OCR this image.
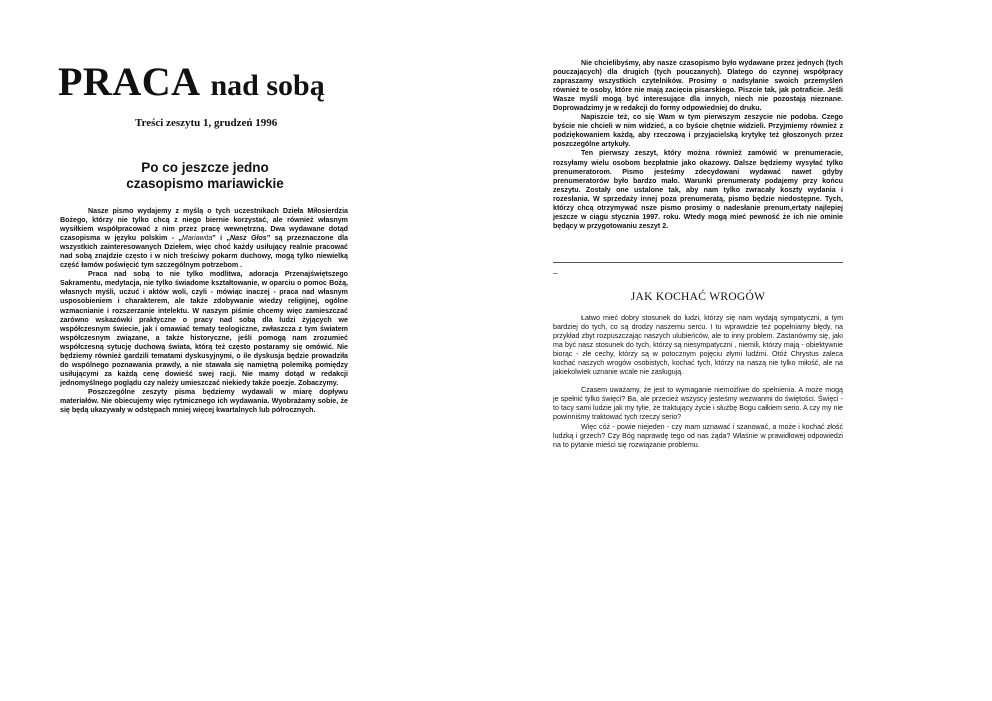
PRACA nad sobą
Treści zeszytu 1, grudzeń 1996
Po co jeszcze jedno
czasopismo mariawickie

Nasze pismo wydajemy z myślą o tych uczestnikach Dzieła Miłosierdzia Bożego, którzy nie tylko chcą z niego biernie korzystać, ale również własnym wysiłkiem współpracować z nim przez pracę wewnętrzną. Dwa wydawane dotąd czasopisma w języku polskim - „Mariawita” i „Nasz Głos” są przeznaczone dla wszystkich zainteresowanych Dziełem, więc choć każdy usiłujący realnie pracować nad sobą znajdzie często i w nich treściwy pokarm duchowy, mogą tylko niewielką część łamów poświęcić tym szczególnym potrzebom .

Praca nad sobą to nie tylko modlitwa, adoracja Przenajświętszego Sakramentu, medytacja, nie tylko świadome kształtowanie, w oparciu o pomoc Bożą, własnych myśli, uczuć i aktów woli, czyli - mówiąc inaczej - praca nad własnym usposobieniem i charakterem, ale także zdobywanie wiedzy religijnej, ogólne wzmacnianie i rozszerzanie intelektu. W naszym piśmie chcemy więc zamieszczać zarówno wskazówki praktyczne o pracy nad sobą dla ludzi żyjących we współczesnym świecie, jak i omawiać tematy teologiczne, zwłaszcza z tym światem współczesnym związane, a także historyczne, jeśli pomogą nam zrozumieć współczesną sytucję duchową świata, którą też często postaramy się omówić. Nie będziemy również gardzili tematami dyskusyjnymi, o ile dyskusja będzie prowadziła do wspólnego poznawania prawdy, a nie stawała się namiętną polemiką pomiędzy usiłującymi za każdą cenę dowieść swej racji. Nie mamy dotąd w redakcji jednomyślnego poglądu czy należy umieszczać niekiedy także poezje. Zobaczymy.

Poszczególne zeszyty pisma będziemy wydawali w miarę dopływu materiałów. Nie obiecujemy więc rytmicznego ich wydawania. Wyobrażamy sobie, że się będą ukazywały w odstępach mniej więcej kwartalnych lub półrocznych.

Nie chcielibyśmy, aby nasze czasopismo było wydawane przez jednych (tych pouczających) dla drugich (tych pouczanych). Dlatego do czynnej współpracy zapraszamy wszystkich czytelników. Prosimy o nadsyłanie swoich przemyśleń również te osoby, które nie mają zacięcia pisarskiego. Piszcie tak, jak potraficie. Jeśli Wasze myśli mogą być interesujące dla innych, niech nie pozostają nieznane. Doprowadzimy je w redakcji do formy odpowiedniej do druku.

Napiszcie też, co się Wam w tym pierwszym zeszycie nie podoba. Czego byście nie chcieli w nim widzieć, a co byście chętnie widzieli. Przyjmiemy również z podziękowaniem każdą, aby rzeczową i przyjacielską krytykę też głoszonych przez poszczególne artykuły.

Ten pierwszy zeszyt, który można również zamówić w prenumeracie, rozsyłamy wielu osobom bezpłatnie jako okazowy. Dalsze będziemy wysyłać tylko prenumeratorom. Pismo jesteśmy zdecydowani wydawać nawet gdyby prenumeratorów było bardzo mało. Warunki prenumeraty podajemy przy końcu zeszytu. Zostały one ustalone tak, aby nam tylko zwracały koszty wydania i rozesłania. W sprzedaży innej poza prenumeratą, pismo będzie niedostępne. Tych, którzy chcą otrzymywać nsze pismo prosimy o nadesłanie prenum,ertaty najlepiej jeszcze w ciągu stycznia 1997. roku. Wtedy mogą mieć pewność że ich nie ominie będący w przygotowaniu zeszyt 2.

_
JAK KOCHAĆ WROGÓW

Łatwo mieć dobry stosunek do ludzi, którzy się nam wydają sympatyczni, a tym bardziej do tych, co są drodzy naszemu sercu. I tu wprawdzie też popełniamy błędy, na przykład zbyt rozpuszczając naszych ulubieńców, ale to inny problem. Zastanówmy się, jaki ma być nasz stosunek do tych, którzy są niesympatyczni , niemili, którzy mają - obiektywnie biorąc - złe cechy, którzy są w potocznym pojęciu złymi ludźmi. Otóż Chrystus zaleca kochać naszych wrogów osobistych, kochać tych, którzy na naszą nie tylko miłość, ale na jakiekolwiek uznanie wcale nie zasługują.

Czasem uważamy, że jest to wymaganie niemożliwe do spełnienia. A może mogą je spełnić tylko święci? Ba, ale przecież wszyscy jesteśmy wezwanmi do świętości. Święci - to tacy sami ludzie jak my tylie, że traktujący życie i służbę Bogu całkiem serio. A czy my nie powinniśmy traktować tych rzeczy serio?

Więc cóż - powie niejeden - czy mam uznawać i szanować, a może i kochać złość ludzką i grzech? Czy Bóg naprawdę tego od nas żąda? Właśnie w prawidłowej odpowiedzi na to pytanie mieści się rozwiązanie problemu.
